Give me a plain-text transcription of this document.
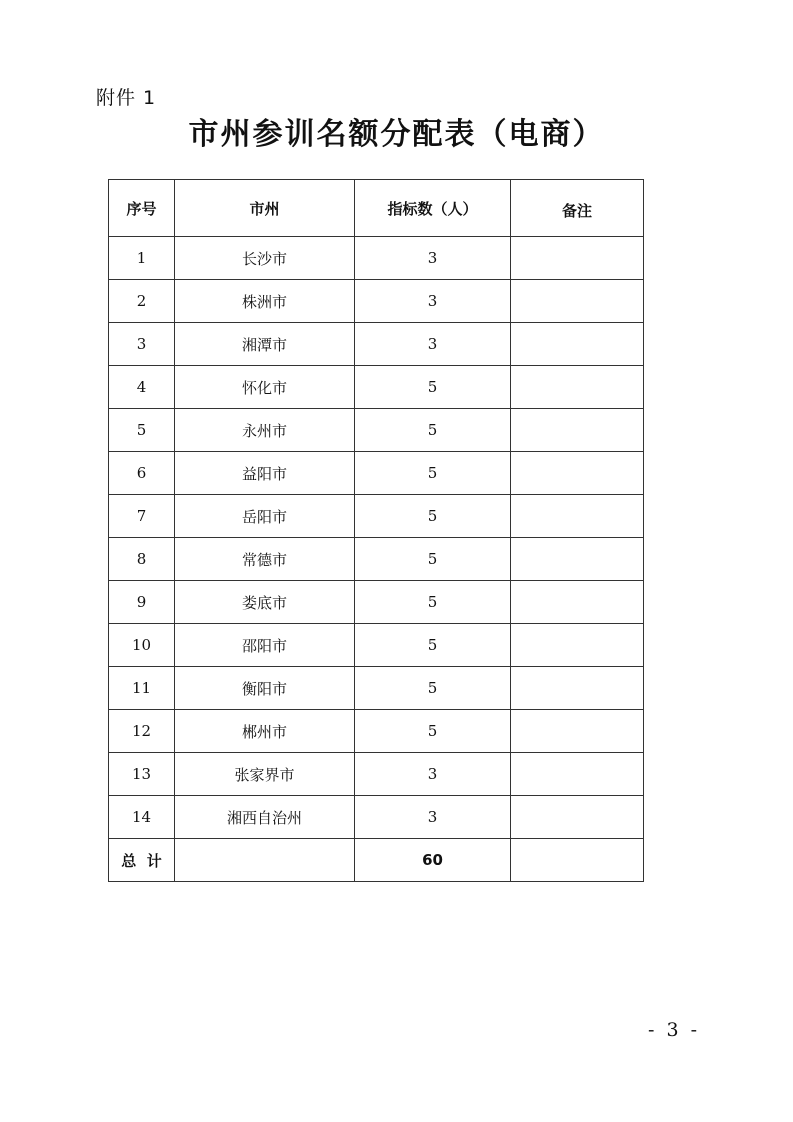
附件 1
市州参训名额分配表（电商）
序号	市州	指标数（人）	备注
1	长沙市	3	
2	株洲市	3	
3	湘潭市	3	
4	怀化市	5	
5	永州市	5	
6	益阳市	5	
7	岳阳市	5	
8	常德市	5	
9	娄底市	5	
10	邵阳市	5	
11	衡阳市	5	
12	郴州市	5	
13	张家界市	3	
14	湘西自治州	3	
总  计		60	
- 3 -
